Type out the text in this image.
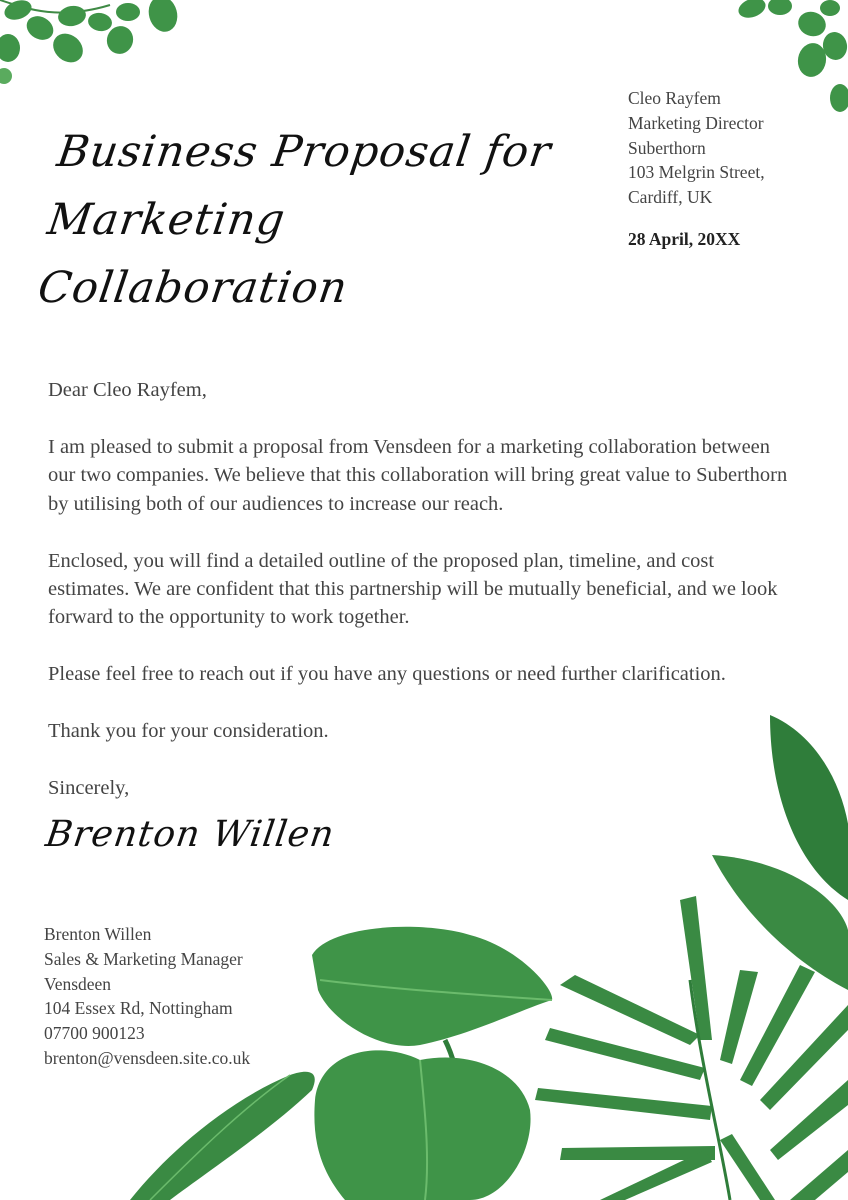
Business Proposal for
Marketing Collaboration
Cleo Rayfem
Marketing Director
Suberthorn
103 Melgrin Street,
Cardiff, UK
28 April, 20XX

Dear Cleo Rayfem,

I am pleased to submit a proposal from Vensdeen for a marketing collaboration between our two companies. We believe that this collaboration will bring great value to Suberthorn by utilising both of our audiences to increase our reach.

Enclosed, you will find a detailed outline of the proposed plan, timeline, and cost estimates. We are confident that this partnership will be mutually beneficial, and we look forward to the opportunity to work together.

Please feel free to reach out if you have any questions or need further clarification.

Thank you for your consideration.

Sincerely,

Brenton Willen
Brenton Willen
Sales & Marketing Manager
Vensdeen
104 Essex Rd, Nottingham
07700 900123
brenton@vensdeen.site.co.uk
